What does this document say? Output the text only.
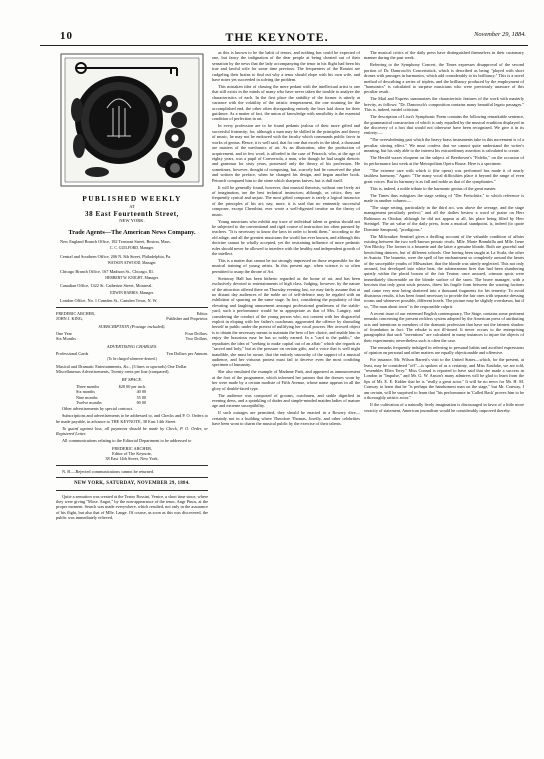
10	THE KEYNOTE.	November 29, 1884.
PUBLISHED WEEKLY
AT
38 East Fourteenth Street,
NEW YORK.
Trade Agents—The American News Company.
New England Branch Office, 182 Tremont Street, Boston, Mass.
C. C. GUILFORD, Manager.
Central and Southern Office, 206 N. 8th Street, Philadelphia, Pa.
WATSON ATWOOD, Manager.
Chicago Branch Office, 167 Madison St., Chicago, Ill.
HERBERT W. KNIGHT, Manager.
Canadian Office, 1322 St. Catherine Street, Montreal.
EDWIN HARRIS, Manager.
London Office, No. 1 Camden St., Camden Town, N. W.
FREDERIC ARCHER,	Editor.
JOHN J. KING,	Publisher and Proprietor.
SUBSCRIPTION (Postage included).
One Year	Four Dollars.
Six Months	Two Dollars.
ADVERTISING CHARGES.
Professional Cards	Ten Dollars per Annum.
(To be charged whenever desired.)
Musical and Dramatic Entertainments, &c., (3 lines or upwards) One Dollar
Miscellaneous Advertisements, Twenty cents per line (compared).
BY SPACE.
Three months	$20 00 per inch.
Six months	40 00
Nine months	55 00
Twelve months	60 00

Other advertisements by special contract.

Subscriptions and advertisements to be addressed to, and Checks and P. O. Orders to be made payable, in advance to THE KEYNOTE, 38 East 14th Street.

To guard against loss, all payments should be made by Check, P. O. Order, or Registered Letter.

All communications relating to the Editorial Department to be addressed to

FREDERIC ARCHER,
Editor of The Keynote,
38 East 14th Street, New York.

N. B.—Rejected communications cannot be returned.

NEW YORK, SATURDAY, NOVEMBER 29, 1884.

Quite a sensation was created at the Teatro Rossini, Venice, a short time since, where they were giving "Mose. Angot," by the non-appearance of the tenor, Angr Pinos, at the proper moment. Search was made everywhere, which resulted, not only in the assurance of his flight, but also that of Mlle. Lange. Of course, as soon as this was discovered, the public was immediately relieved,

as this is known to be the habit of tenors, and nothing has could be expected of one, but fancy the indignation of the dear people at being cheated out of their sensation by the news that the lady accompanying the tenor in his flight had been his true and lawful wife for some time previous. The frequenters of the Rossini are cudgeling their brains to find out why a tenor should elope with his own wife, and have notes yet succeeded in solving the problem.

This mistaken idea of classing the mere pedant with the intellectual artist is one that still exists in the minds of many who have never taken the trouble to analyze the characteristics of each. In the first place the stability of the former is utterly at variance with the volatility of the artistic temperament, the one straining for the accomplished end, the other often disregarding entirely the laws laid down for their guidance. As a matter of fact, the union of knowledge with sensibility is the essential condition of perfection in art.

In every profession are to be found pedants jealous of their more gifted and successful fraternity; for, although a man may be skilled in the principles and theory of music, he may not be endowed with the faculty which commands public favor in works of genius. Hence, it is well said, that for one that excels in the ideal, a thousand are masters of the mechanics of art. As an illustration, after the production of acquirement, and in few word, is afforded in the case of Petrarch, who, at the age of eighty years, was a pupil of Conversola, a man, who though he had taught rhetoric and grammar for sixty years, possessed only the theory of his profession. He sometimes, however, thought of composing, but, scarcely had he conceived the plan and written the preface, when he changed his design, and began another book. Petrarch compared him to the stone which sharpens knives, but is dull itself.

It will be generally found, however, that musical theorists, without one lively art of imagination, are the best technical instructors; although, as critics, they are frequently cynical and unjust. The most gifted composer is rarely a logical instructor of the principles of his art; nay, more, it is said that no eminently successful composer, except Cherubini, ever wrote a well-digested treatise on the theory of music.

Young musicians who exhibit any trace of individual talent or genius should not be subjected to the conventional and rigid course of instruction too often pursued by teachers. "It is necessary to know the laws in order to break them," according to the old adage, and all the greatest musicians the world has ever known, and although this doctrine cannot be wholly accepted, yet the restraining influence of more pedantic rules should never be allowed to interfere with the healthy and independent growth of the intellect.

This is a matter that cannot be too strongly impressed on those responsible for the musical training of young artists. In this present age, when science is so often permitted to usurp the throne of Art.

Steinway Hall has been hitherto regarded as the home of art, and has been exclusively devoted to entertainments of high class. Judging, however, by the nature of the attraction offered there on Thursday evening last, we may fairly assume that at no distant day audiences of the noble art of self-defence may be regaled with an exhibition of sparring on the same stage. In fact, considering the popularity of that elevating and laughing amusement amongst professional gentlemen of the stable-yard, such a performance would be as appropriate as that of Mrs. Langtry, and considering the conduct of the young person who, not content with her disgraceful exploit in eloping with her father's coachman, aggravated the offence by shrouding herself in public under the pretext of nullifying her vocal powers. Her avowed object is to obtain the necessary means to maintain the hero of her choice, and enable him to enjoy the luxurious ease he has so nobly earned. In a "card to the public," she repudiates the idea of "seeking to make capital out of an affair" which she regards as "sacred and holy," but as the pressure on certain gifts, and a voice that is well night inaudible, she must be aware, that the entirely unworthy of the support of a musical audience, and her virtuous protest must fail to deceive even the most confiding specimen of humanity.

She also emulated the example of Madame Patti, and appeared as announcement at the foot of the programme, which informed her patrons that the dresses worn by her were made by a certain modiste of Fifth Avenue, whose name appears in all the glory of double-faced type.

The audience was composed of grooms, coachmen, and stable dignified in evening dress, and a sprinkling of dudes and simple-minded maiden ladies of mature age and extreme susceptibility.

If such outrages are permitted, they should be enacted in a Bowery dive—certainly not in a building where Theodore Thomas, Joseffy, and other celebrities have been wont to charm the musical public by the exercise of their talents.

The musical critics of the daily press have distinguished themselves in their customary manner during the past week.

Referring to the Symphony Concert, the Times expresses disapproval of the second portion of Dr. Damrosch's Concertstück, which is described as being "played with short drones with passages in harmonics, which add considerably to its brilliancy." This is a novel method of describing a series of triplets, and the brilliancy produced by the employment of "harmonics" is calculated to surprise musicians who were previously unaware of this peculiar result.

The Mail and Express summarizes the characteristic features of the work with masterly brevity, as follows: "Dr. Damrosch's composition contains many beautiful legato passages." This is, indeed, model criticism.

The description of Liszt's Symphonic Poem contains the following remarkable sentence, the grammatical construction of which is only equalled by the musical erudition displayed in the discovery of a fact that would not otherwise have been recognized. We give it in its entirety:—

"The overwhelming part which the heavy brass instruments take in this movement is of a peculiar stirring effect." We must confess that we cannot quite understand the writer's meaning, but his only able to the interest his extraordinary assertion is calculated to create.

The Herald waxes eloquent on the subject of Beethoven's "Fidelio," on the occasion of its performance last week at the Metropolitan Opera House. Here is a specimen:

"The extreme care with which it (the opera) was performed has made it of nearly faultless harmony." Again: "The many vocal difficulties place it beyond the range of even great voices. But its harmony is as full and noble as that of the symphonies."

This is, indeed, a noble tribute to the harmonic genius of the great master.

The Times thus eulogizes the stage setting of "Der Freischütz," to which reference is made in another column:—

"The stage setting, particularly in the third act, was above the average, and the stage management peculiarly perfect;" and all the dailies bestow a word of praise on Herr Robinson as Ottokar, although he did not appear at all, his place being filled by Herr Steinigel. The art value of the daily press, from a musical standpoint, is, indeed (to quote Dominie Sampson), "prodigious."

The Milwaukee Sentinel gives a thrilling account of the valuable condition of affairs existing between the two well-known prosaic rivals, Mlle. Marie Brambilla and Mlle. Irene Von Blocky. The former is a brunette and the latter a genuine blonde. Both are graceful and bewitching dancers, but of different schools. One having been taught at La Scala, the other in Austria. The brunette, were the spell of her enchantment so completely around the hearts of the susceptible youths of Milwaukee, that the blonde was utterly neglected. This not only aroused, but developed into white heat, the subterranean fires that had been slumbering quietly within the placid bosom of the fair Teuton; once aroused, crimson spots were immediately discernable on the blonde surface of the snow. The brave manager, with a heroism that only great souls possess, threw his fragile form between the warring factions and came very near being shattered into a thousand fragments for his temerity. To avoid disastrous results, it has been found necessary to provide the fair ones with separate dressing rooms and whenever possible, different hotels. The picture may be slightly overdrawn, but if so, "The man about town" is the responsible culprit.

A recent issue of our esteemed English contemporary, The Stage, contains some pertinent remarks concerning the present reckless system adopted by the American press of attributing acts and intentions to members of the dramatic profession that have not the faintest shadow of foundation in fact. The rebuke is not ill-timed. It never occurs to the enterprising paragraphist that such "inventions" are calculated in many instances to injure the objects of their experiments; nevertheless such is often the case.

The remarks frequently indulged in referring to personal habits and ascribed expressions of opinion on personal and other matters are equally objectionable and offensive.

For instance, Mr. Wilson Barrett's visit to the United States—which, for the present, at least, may be considered "off"—is spoken of as a certainty, and Miss Eastlake, we are told, "resembles Ellen Terry." Miss Conrad is reported to have said that she made a success in London in "Impulse," and Mr. G. W. Anson's many admirers will be glad to learn from the lips of Mr. E. E. Kidder that he is "really a great actor." It will be no news for Mr. H. M. Conway to learn that he "is perhaps the handsomest man on the stage," but Mr. Conway, I am certain, will be surprised to learn that "his performance in 'Called Back' proves him to be a thoroughly artistic actor."

If the cultivation of a naturally lively imagination is discouraged in favor of a little more veracity of statement, American journalism would be considerably improved thereby.
